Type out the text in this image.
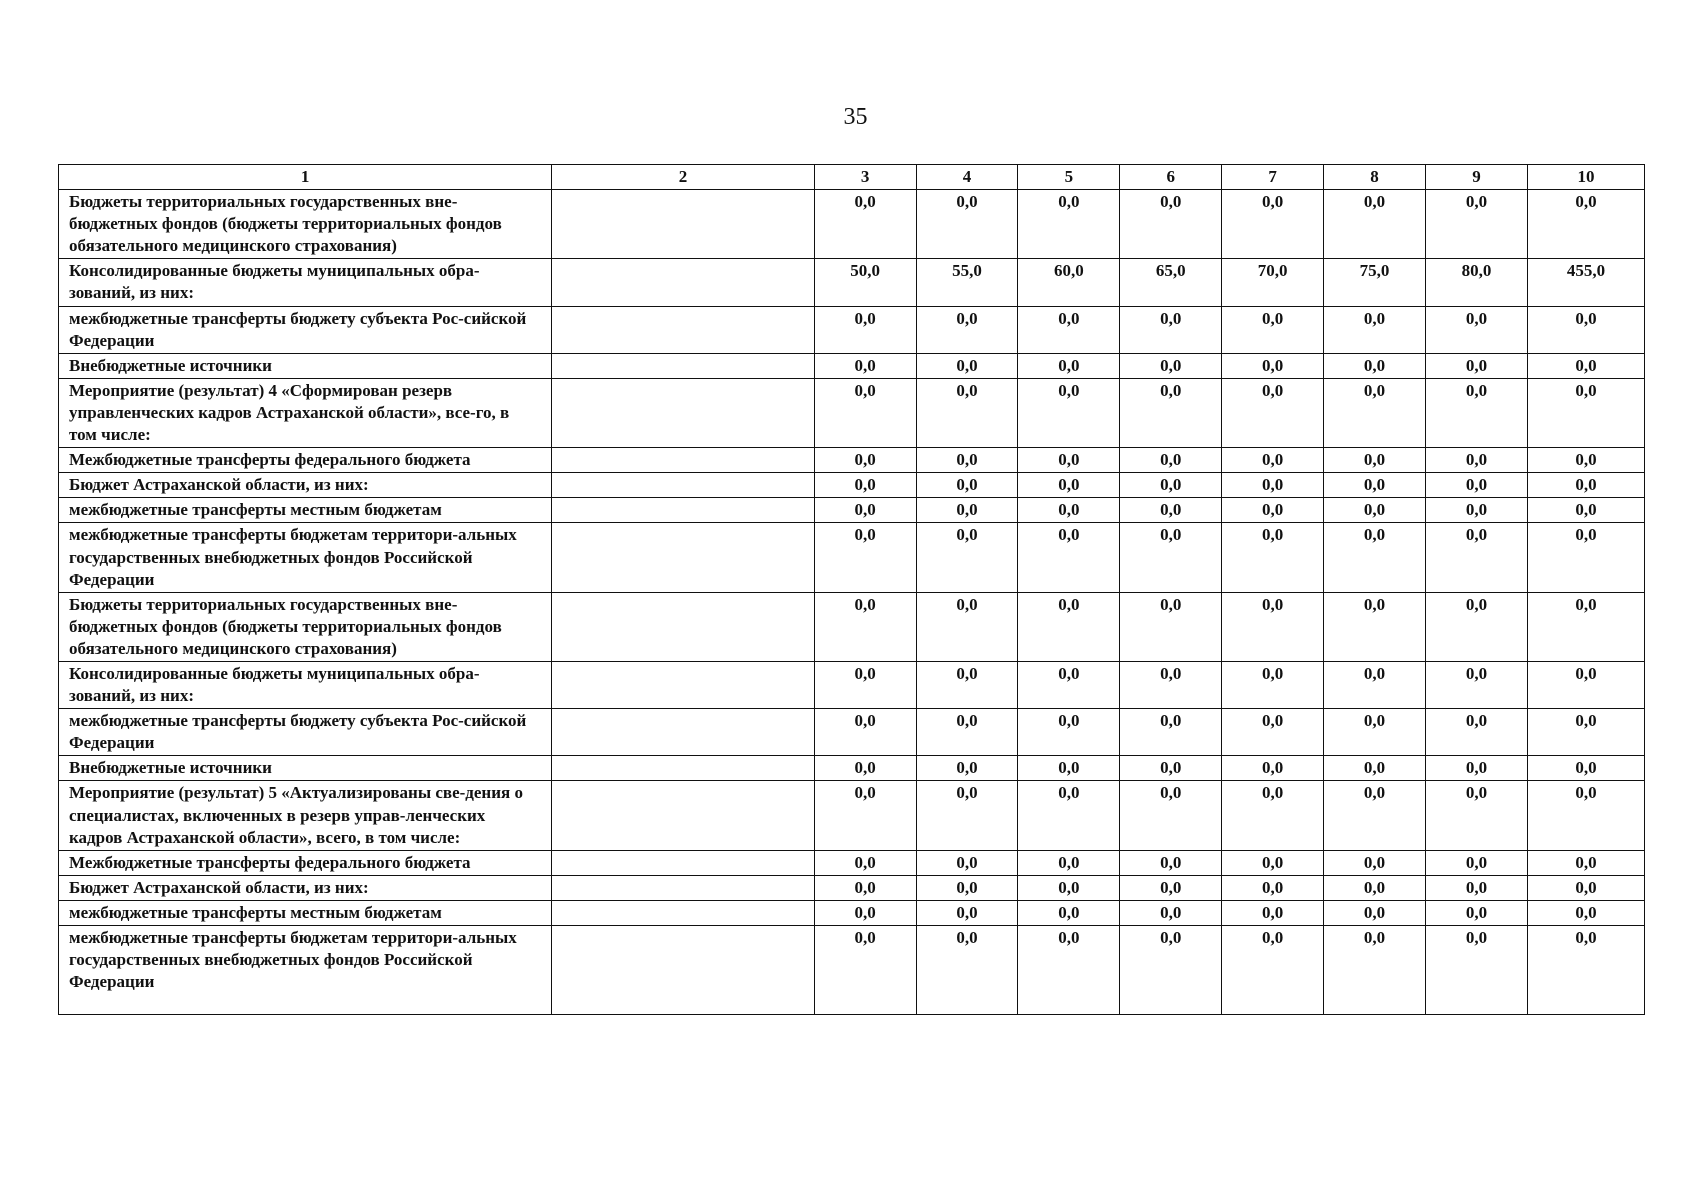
35
1	2	3	4	5	6	7	8	9	10
Бюджеты территориальных государственных вне-бюджетных фондов (бюджеты территориальных фондов обязательного медицинского страхования)		0,0	0,0	0,0	0,0	0,0	0,0	0,0	0,0
Консолидированные бюджеты муниципальных обра-зований, из них:		50,0	55,0	60,0	65,0	70,0	75,0	80,0	455,0
межбюджетные трансферты бюджету субъекта Рос-сийской Федерации		0,0	0,0	0,0	0,0	0,0	0,0	0,0	0,0
Внебюджетные источники		0,0	0,0	0,0	0,0	0,0	0,0	0,0	0,0
Мероприятие (результат) 4 «Сформирован резерв управленческих кадров Астраханской области», все-го, в том числе:		0,0	0,0	0,0	0,0	0,0	0,0	0,0	0,0
Межбюджетные трансферты федерального бюджета		0,0	0,0	0,0	0,0	0,0	0,0	0,0	0,0
Бюджет Астраханской области, из них:		0,0	0,0	0,0	0,0	0,0	0,0	0,0	0,0
межбюджетные трансферты местным бюджетам		0,0	0,0	0,0	0,0	0,0	0,0	0,0	0,0
межбюджетные трансферты бюджетам территори-альных государственных внебюджетных фондов Российской Федерации		0,0	0,0	0,0	0,0	0,0	0,0	0,0	0,0
Бюджеты территориальных государственных вне-бюджетных фондов (бюджеты территориальных фондов обязательного медицинского страхования)		0,0	0,0	0,0	0,0	0,0	0,0	0,0	0,0
Консолидированные бюджеты муниципальных обра-зований, из них:		0,0	0,0	0,0	0,0	0,0	0,0	0,0	0,0
межбюджетные трансферты бюджету субъекта Рос-сийской Федерации		0,0	0,0	0,0	0,0	0,0	0,0	0,0	0,0
Внебюджетные источники		0,0	0,0	0,0	0,0	0,0	0,0	0,0	0,0
Мероприятие (результат) 5 «Актуализированы све-дения о специалистах, включенных в резерв управ-ленческих кадров Астраханской области», всего, в том числе:		0,0	0,0	0,0	0,0	0,0	0,0	0,0	0,0
Межбюджетные трансферты федерального бюджета		0,0	0,0	0,0	0,0	0,0	0,0	0,0	0,0
Бюджет Астраханской области, из них:		0,0	0,0	0,0	0,0	0,0	0,0	0,0	0,0
межбюджетные трансферты местным бюджетам		0,0	0,0	0,0	0,0	0,0	0,0	0,0	0,0
межбюджетные трансферты бюджетам территори-альных государственных внебюджетных фондов Российской Федерации		0,0	0,0	0,0	0,0	0,0	0,0	0,0	0,0
